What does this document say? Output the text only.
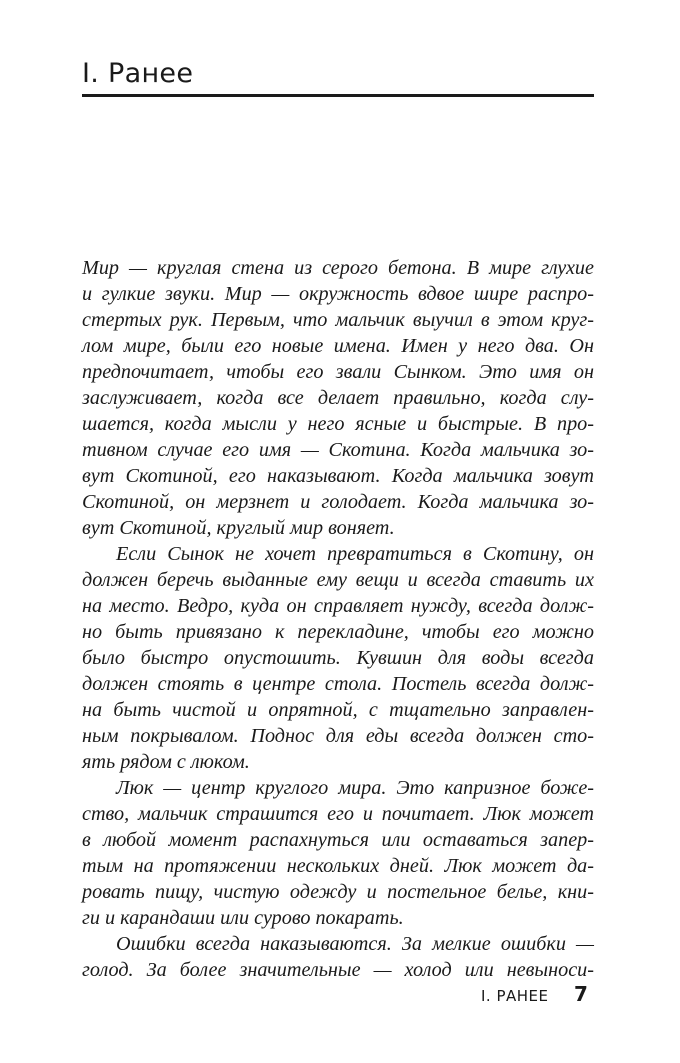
I. Ранее
Мир — круглая стена из серого бетона. В мире глухие
и гулкие звуки. Мир — окружность вдвое шире распро-
стертых рук. Первым, что мальчик выучил в этом круг-
лом мире, были его новые имена. Имен у него два. Он
предпочитает, чтобы его звали Сынком. Это имя он
заслуживает, когда все делает правильно, когда слу-
шается, когда мысли у него ясные и быстрые. В про-
тивном случае его имя — Скотина. Когда мальчика зо-
вут Скотиной, его наказывают. Когда мальчика зовут
Скотиной, он мерзнет и голодает. Когда мальчика зо-
вут Скотиной, круглый мир воняет.
Если Сынок не хочет превратиться в Скотину, он
должен беречь выданные ему вещи и всегда ставить их
на место. Ведро, куда он справляет нужду, всегда долж-
но быть привязано к перекладине, чтобы его можно
было быстро опустошить. Кувшин для воды всегда
должен стоять в центре стола. Постель всегда долж-
на быть чистой и опрятной, с тщательно заправлен-
ным покрывалом. Поднос для еды всегда должен сто-
ять рядом с люком.
Люк — центр круглого мира. Это капризное боже-
ство, мальчик страшится его и почитает. Люк может
в любой момент распахнуться или оставаться запер-
тым на протяжении нескольких дней. Люк может да-
ровать пищу, чистую одежду и постельное белье, кни-
ги и карандаши или сурово покарать.
Ошибки всегда наказываются. За мелкие ошибки —
голод. За более значительные — холод или невыноси-
I. РАНЕЕ 7
